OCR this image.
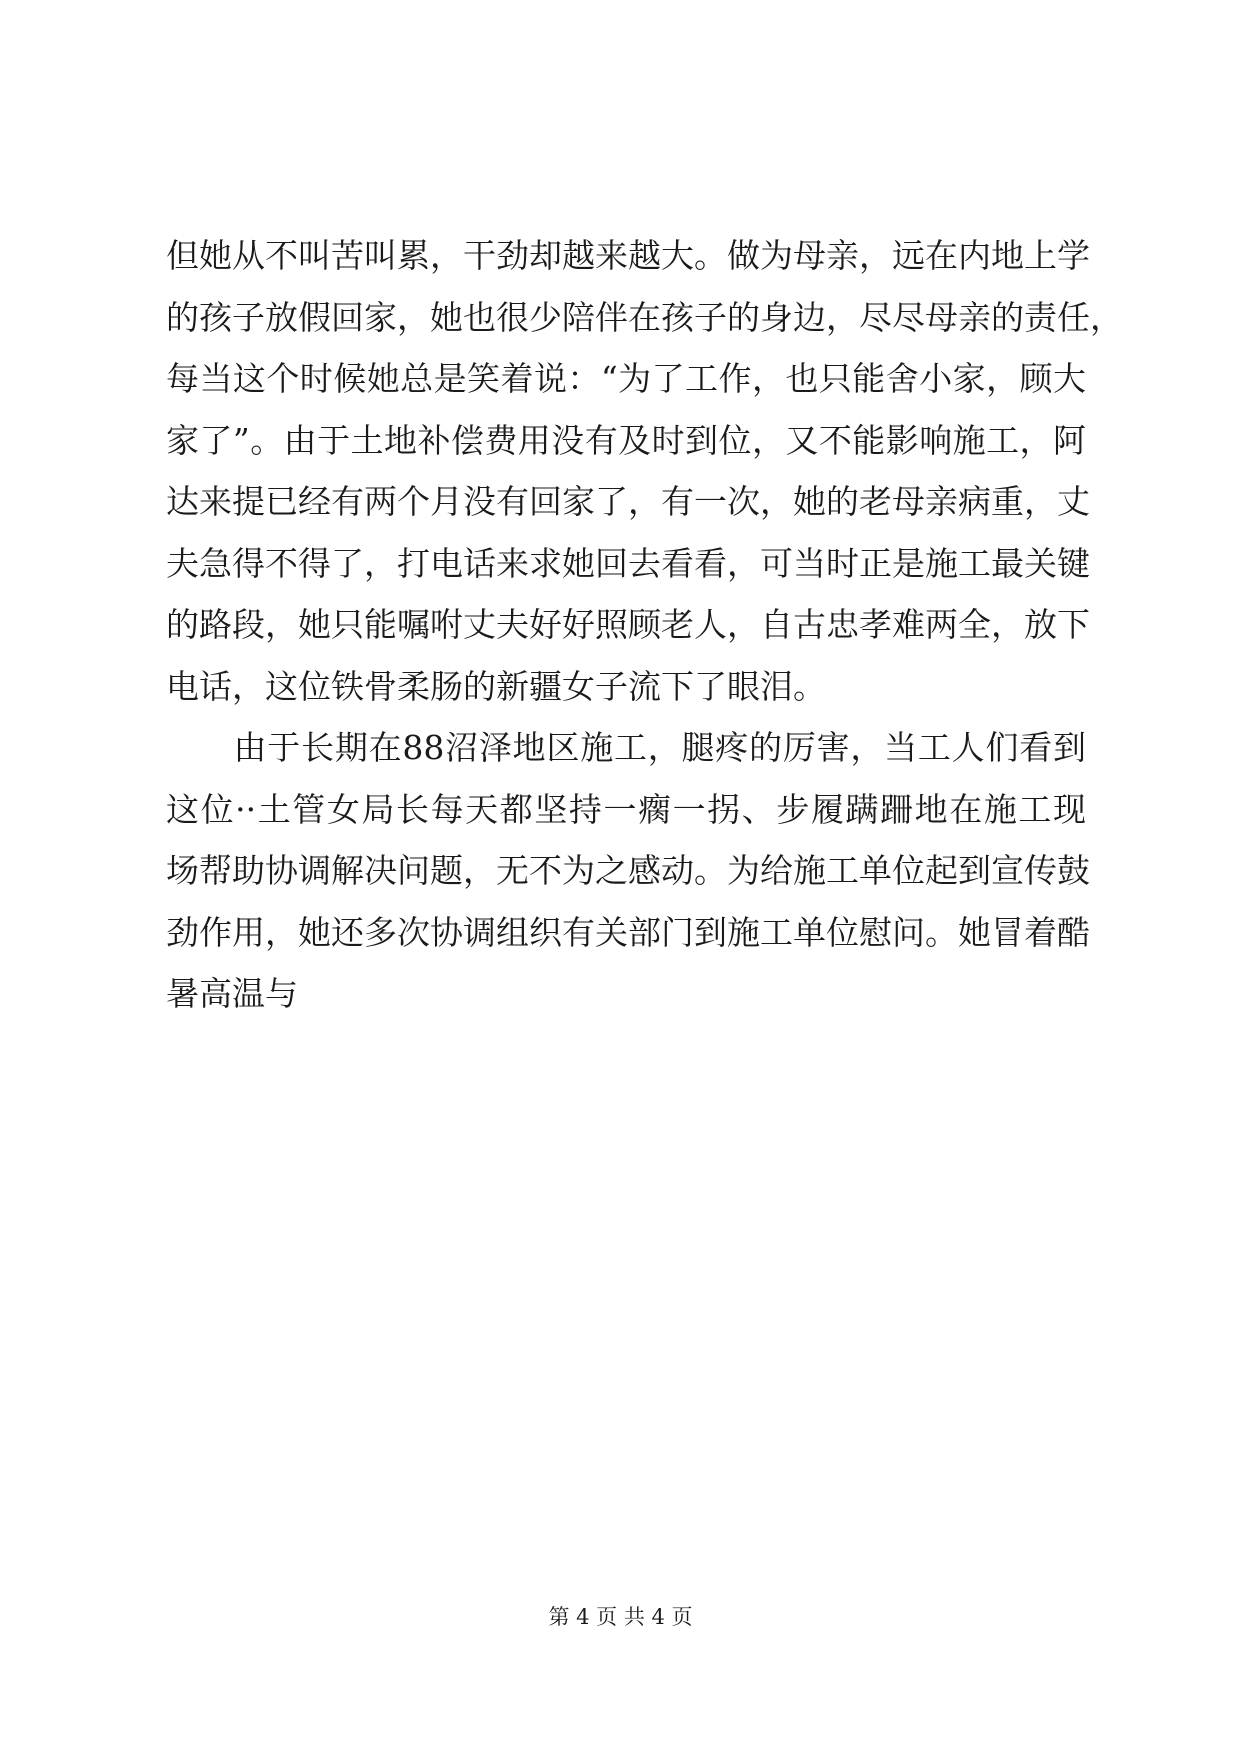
但她从不叫苦叫累，干劲却越来越大。做为母亲，远在内地上学
的孩子放假回家，她也很少陪伴在孩子的身边，尽尽母亲的责任，
每当这个时候她总是笑着说：“为了工作，也只能舍小家，顾大
家了”。由于土地补偿费用没有及时到位，又不能影响施工，阿
达来提已经有两个月没有回家了，有一次，她的老母亲病重，丈
夫急得不得了，打电话来求她回去看看，可当时正是施工最关键
的路段，她只能嘱咐丈夫好好照顾老人，自古忠孝难两全，放下
电话，这位铁骨柔肠的新疆女子流下了眼泪。
　　由于长期在88沼泽地区施工，腿疼的厉害，当工人们看到
这位··土管女局长每天都坚持一瘸一拐、步履蹒跚地在施工现
场帮助协调解决问题，无不为之感动。为给施工单位起到宣传鼓
劲作用，她还多次协调组织有关部门到施工单位慰问。她冒着酷
暑高温与
第 4 页 共 4 页
